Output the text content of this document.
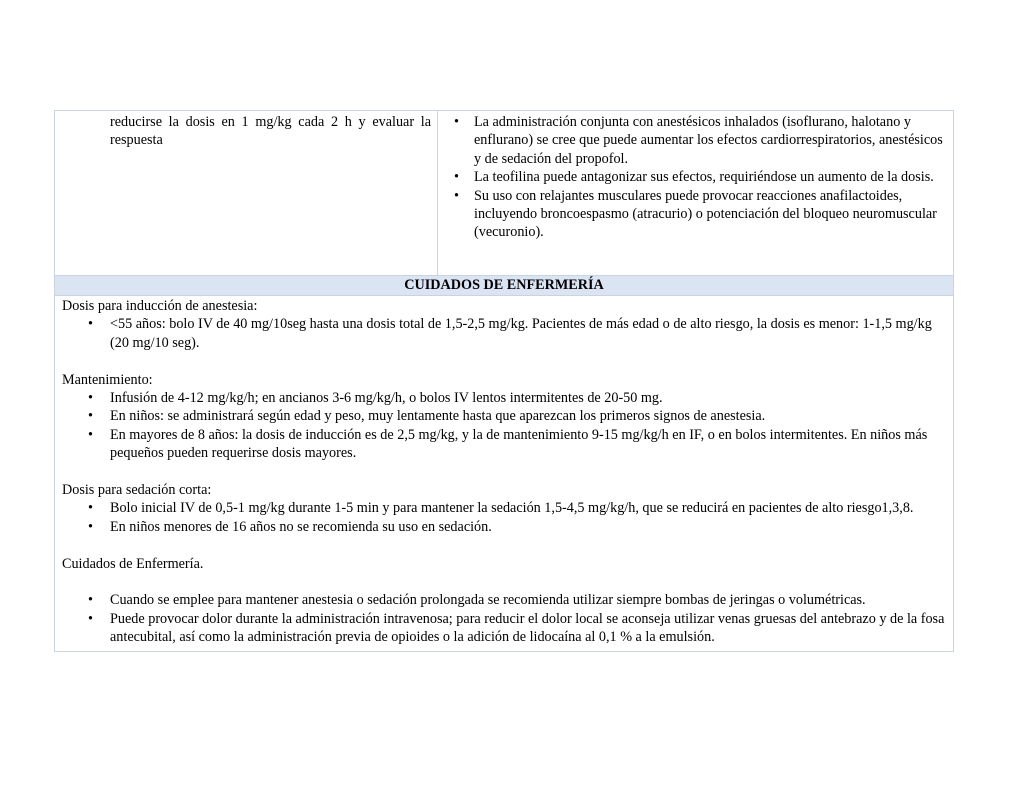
reducirse la dosis en 1 mg/kg cada 2 h y evaluar la respuesta

• La administración conjunta con anestésicos inhalados (isoflurano, halotano y enflurano) se cree que puede aumentar los efectos cardiorrespiratorios, anestésicos y de sedación del propofol.
• La teofilina puede antagonizar sus efectos, requiriéndose un aumento de la dosis.
• Su uso con relajantes musculares puede provocar reacciones anafilactoides, incluyendo broncoespasmo (atracurio) o potenciación del bloqueo neuromuscular (vecuronio).
CUIDADOS DE ENFERMERÍA

Dosis para inducción de anestesia:

• <55 años: bolo IV de 40 mg/10seg hasta una dosis total de 1,5-2,5 mg/kg. Pacientes de más edad o de alto riesgo, la dosis es menor: 1-1,5 mg/kg (20 mg/10 seg).

Mantenimiento:

• Infusión de 4-12 mg/kg/h; en ancianos 3-6 mg/kg/h, o bolos IV lentos intermitentes de 20-50 mg.
• En niños: se administrará según edad y peso, muy lentamente hasta que aparezcan los primeros signos de anestesia.
• En mayores de 8 años: la dosis de inducción es de 2,5 mg/kg, y la de mantenimiento 9-15 mg/kg/h en IF, o en bolos intermitentes. En niños más pequeños pueden requerirse dosis mayores.

Dosis para sedación corta:

• Bolo inicial IV de 0,5-1 mg/kg durante 1-5 min y para mantener la sedación 1,5-4,5 mg/kg/h, que se reducirá en pacientes de alto riesgo1,3,8.
• En niños menores de 16 años no se recomienda su uso en sedación.

Cuidados de Enfermería.

• Cuando se emplee para mantener anestesia o sedación prolongada se recomienda utilizar siempre bombas de jeringas o volumétricas.
• Puede provocar dolor durante la administración intravenosa; para reducir el dolor local se aconseja utilizar venas gruesas del antebrazo y de la fosa antecubital, así como la administración previa de opioides o la adición de lidocaína al 0,1 % a la emulsión.
